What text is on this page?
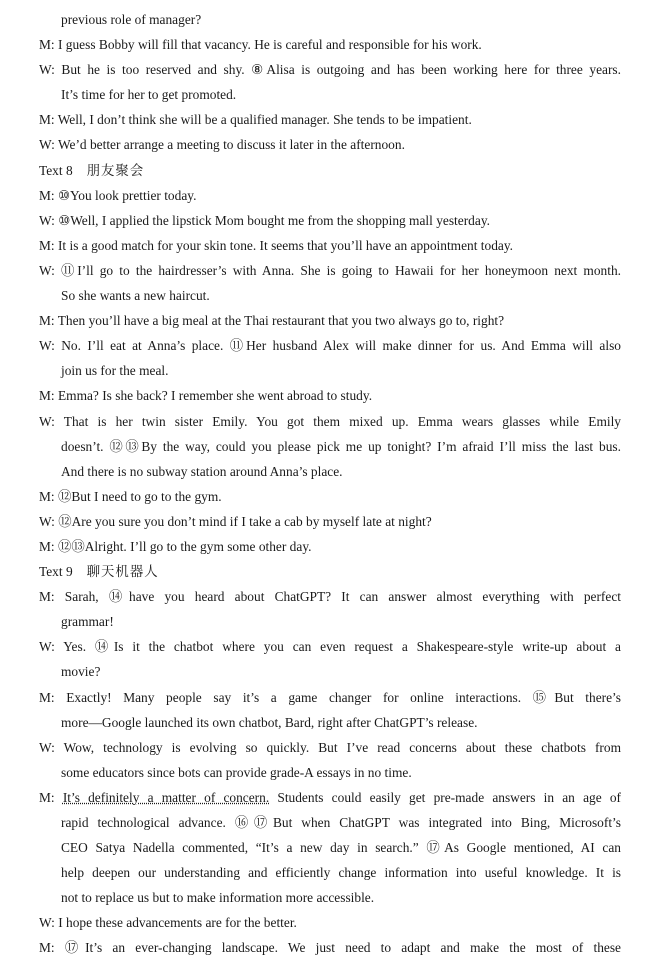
previous role of manager?
M: I guess Bobby will fill that vacancy. He is careful and responsible for his work.
W: But he is too reserved and shy. ⑧Alisa is outgoing and has been working here for three years.
It’s time for her to get promoted.
M: Well, I don’t think she will be a qualified manager. She tends to be impatient.
W: We’d better arrange a meeting to discuss it later in the afternoon.
Text 8 朋友聚会
M: ⑩You look prettier today.
W: ⑩Well, I applied the lipstick Mom bought me from the shopping mall yesterday.
M: It is a good match for your skin tone. It seems that you’ll have an appointment today.
W: ⑪I’ll go to the hairdresser’s with Anna. She is going to Hawaii for her honeymoon next month.
So she wants a new haircut.
M: Then you’ll have a big meal at the Thai restaurant that you two always go to, right?
W: No. I’ll eat at Anna’s place. ⑪Her husband Alex will make dinner for us. And Emma will also
join us for the meal.
M: Emma? Is she back? I remember she went abroad to study.
W: That is her twin sister Emily. You got them mixed up. Emma wears glasses while Emily
doesn’t. ⑫⑬By the way, could you please pick me up tonight? I’m afraid I’ll miss the last bus.
And there is no subway station around Anna’s place.
M: ⑫But I need to go to the gym.
W: ⑫Are you sure you don’t mind if I take a cab by myself late at night?
M: ⑫⑬Alright. I’ll go to the gym some other day.
Text 9 聊天机器人
M: Sarah, ⑭have you heard about ChatGPT? It can answer almost everything with perfect
grammar!
W: Yes. ⑭Is it the chatbot where you can even request a Shakespeare-style write-up about a
movie?
M: Exactly! Many people say it’s a game changer for online interactions. ⑮But there’s
more—Google launched its own chatbot, Bard, right after ChatGPT’s release.
W: Wow, technology is evolving so quickly. But I’ve read concerns about these chatbots from
some educators since bots can provide grade-A essays in no time.
M: It’s definitely a matter of concern. Students could easily get pre-made answers in an age of
rapid technological advance. ⑯⑰But when ChatGPT was integrated into Bing, Microsoft’s
CEO Satya Nadella commented, “It’s a new day in search.” ⑰As Google mentioned, AI can
help deepen our understanding and efficiently change information into useful knowledge. It is
not to replace us but to make information more accessible.
W: I hope these advancements are for the better.
M: ⑰It’s an ever-changing landscape. We just need to adapt and make the most of these
